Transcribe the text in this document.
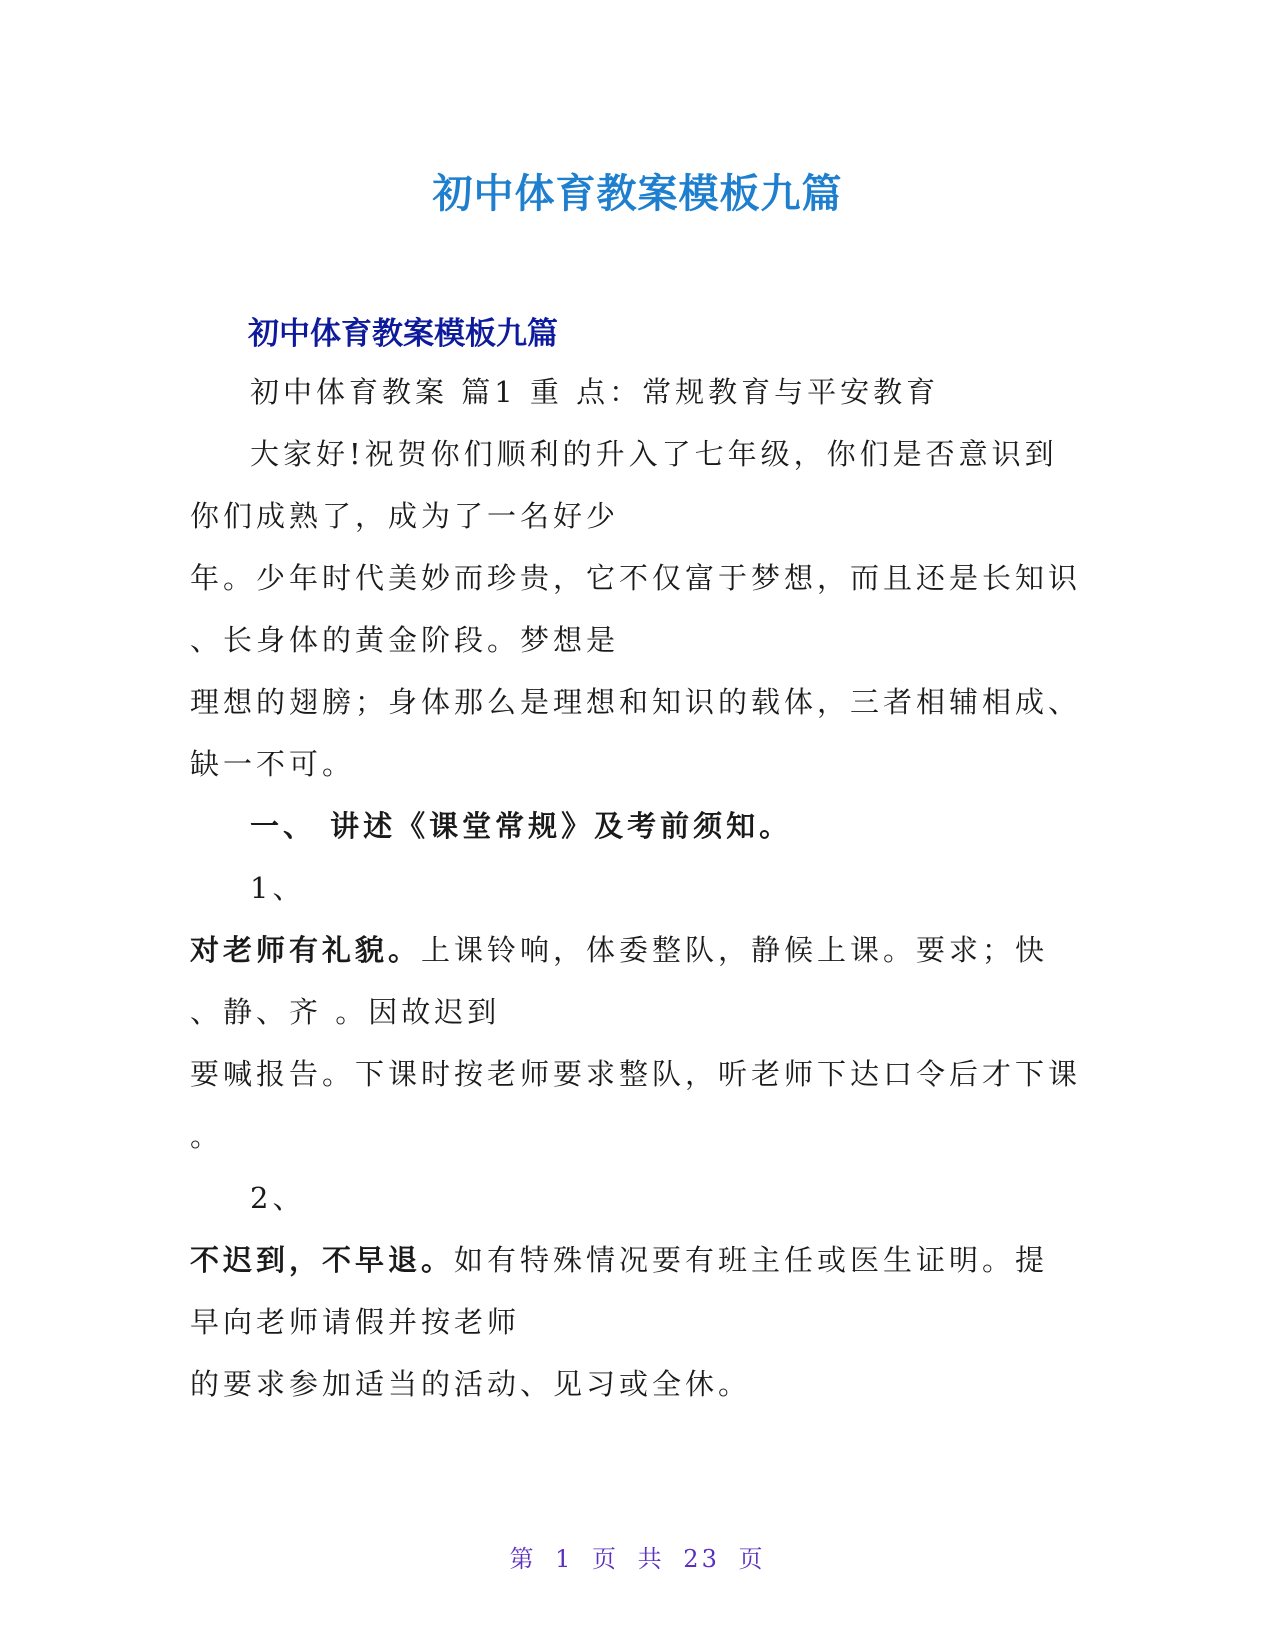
初中体育教案模板九篇
初中体育教案模板九篇

初中体育教案 篇1 重 点：常规教育与平安教育

大家好!祝贺你们顺利的升入了七年级，你们是否意识到

你们成熟了，成为了一名好少

年。少年时代美妙而珍贵，它不仅富于梦想，而且还是长知识

、长身体的黄金阶段。梦想是

理想的翅膀；身体那么是理想和知识的载体，三者相辅相成、

缺一不可。

一、 讲述《课堂常规》及考前须知。

1、

对老师有礼貌。上课铃响，体委整队，静候上课。要求；快

、静、齐 。因故迟到

要喊报告。下课时按老师要求整队，听老师下达口令后才下课

。

2、

不迟到，不早退。如有特殊情况要有班主任或医生证明。提

早向老师请假并按老师

的要求参加适当的活动、见习或全休。

第 1 页 共 23 页
